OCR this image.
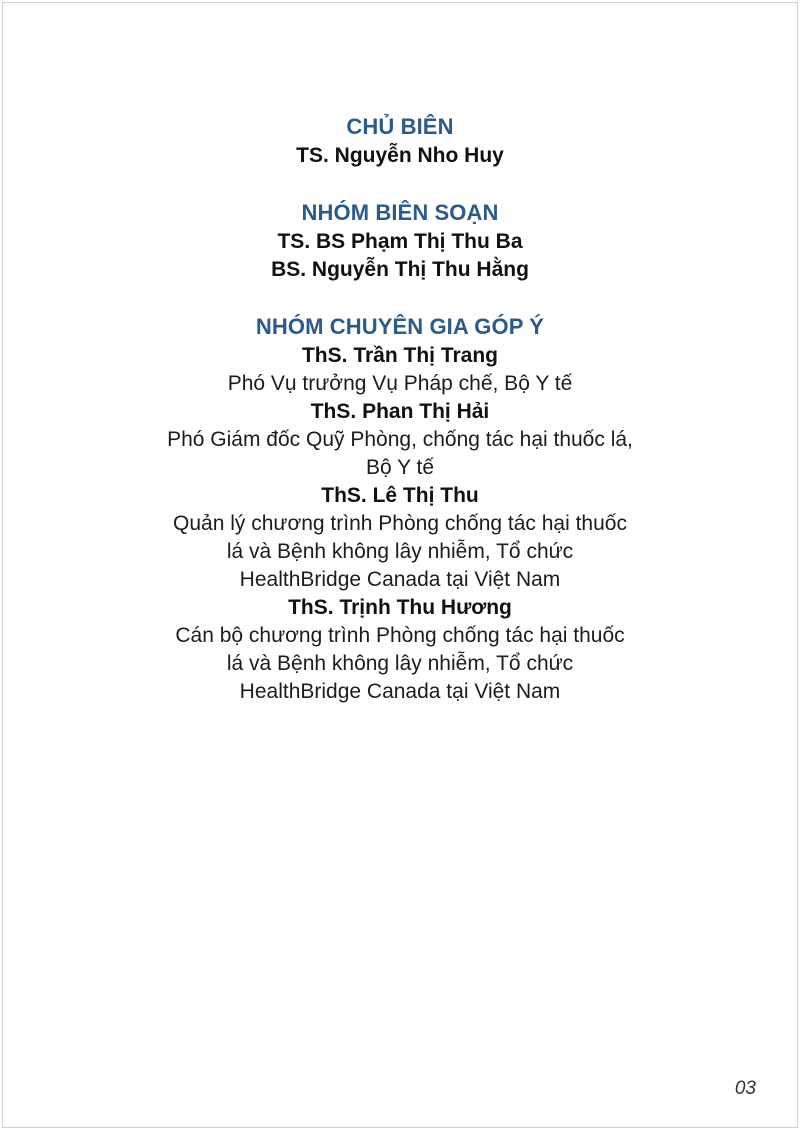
CHỦ BIÊN
TS. Nguyễn Nho Huy
NHÓM BIÊN SOẠN
TS. BS Phạm Thị Thu Ba
BS. Nguyễn Thị Thu Hằng
NHÓM CHUYÊN GIA GÓP Ý
ThS. Trần Thị Trang
Phó Vụ trưởng Vụ Pháp chế, Bộ Y tế
ThS. Phan Thị Hải
Phó Giám đốc Quỹ Phòng, chống tác hại thuốc lá, Bộ Y tế
ThS. Lê Thị Thu
Quản lý chương trình Phòng chống tác hại thuốc lá và Bệnh không lây nhiễm, Tổ chức HealthBridge Canada tại Việt Nam
ThS. Trịnh Thu Hương
Cán bộ chương trình Phòng chống tác hại thuốc lá và Bệnh không lây nhiễm, Tổ chức HealthBridge Canada tại Việt Nam
03
